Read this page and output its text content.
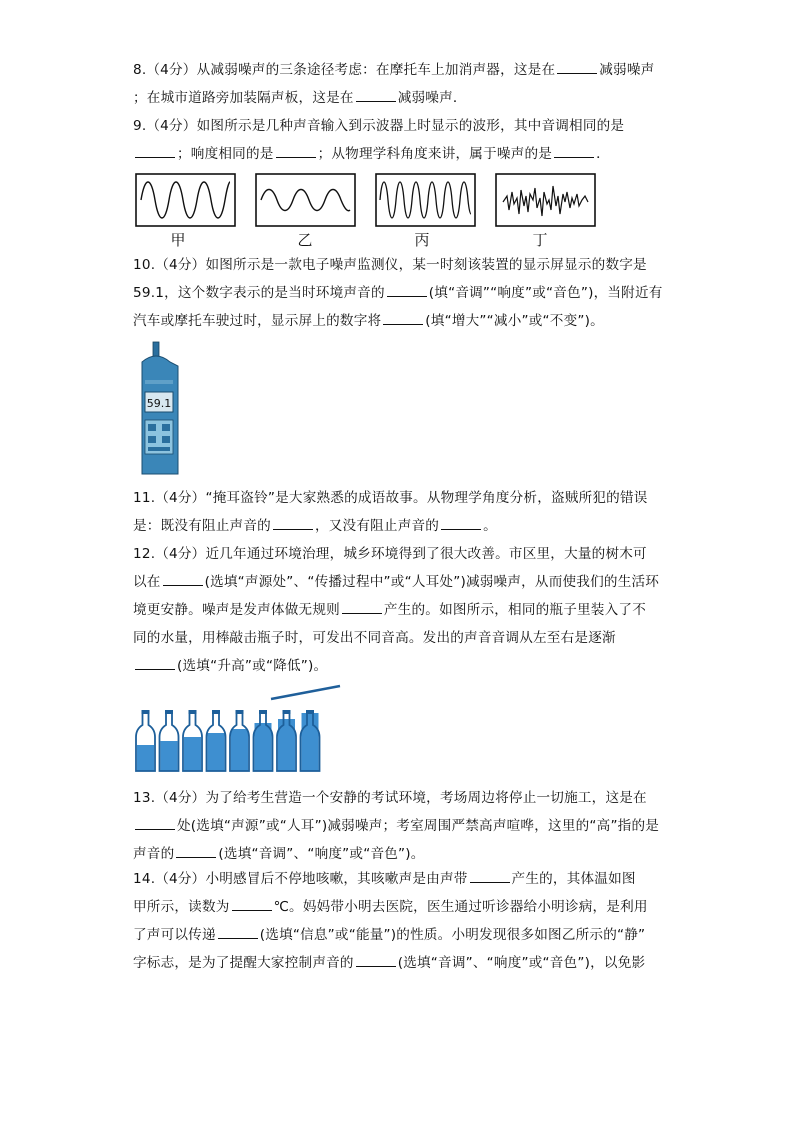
8.（4分）从减弱噪声的三条途径考虑：在摩托车上加消声器，这是在	减弱噪声
；在城市道路旁加装隔声板，这是在	减弱噪声．
9.（4分）如图所示是几种声音输入到示波器上时显示的波形，其中音调相同的是
；响度相同的是	；从物理学科角度来讲，属于噪声的是	．
甲	乙	丙	丁
10.（4分）如图所示是一款电子噪声监测仪，某一时刻该装置的显示屏显示的数字是
59.1，这个数字表示的是当时环境声音的	(填“音调”“响度”或“音色”)，当附近有
汽车或摩托车驶过时，显示屏上的数字将	(填“增大”“减小”或“不变”)。
59.1
11.（4分）“掩耳盗铃”是大家熟悉的成语故事。从物理学角度分析，盗贼所犯的错误
是：既没有阻止声音的	，又没有阻止声音的	。
12.（4分）近几年通过环境治理，城乡环境得到了很大改善。市区里，大量的树木可
以在	(选填“声源处”、“传播过程中”或“人耳处”)减弱噪声，从而使我们的生活环
境更安静。噪声是发声体做无规则	产生的。如图所示，相同的瓶子里装入了不
同的水量，用棒敲击瓶子时，可发出不同音高。发出的声音音调从左至右是逐渐
(选填“升高”或“降低”)。
13.（4分）为了给考生营造一个安静的考试环境，考场周边将停止一切施工，这是在
处(选填“声源”或“人耳”)减弱噪声；考室周围严禁高声喧哗，这里的“高”指的是
声音的	(选填“音调”、“响度”或“音色”)。
14.（4分）小明感冒后不停地咳嗽，其咳嗽声是由声带	产生的，其体温如图
甲所示，读数为	℃。妈妈带小明去医院，医生通过听诊器给小明诊病，是利用
了声可以传递	(选填“信息”或“能量”)的性质。小明发现很多如图乙所示的“静”
字标志，是为了提醒大家控制声音的	(选填“音调”、“响度”或“音色”)，以免影
